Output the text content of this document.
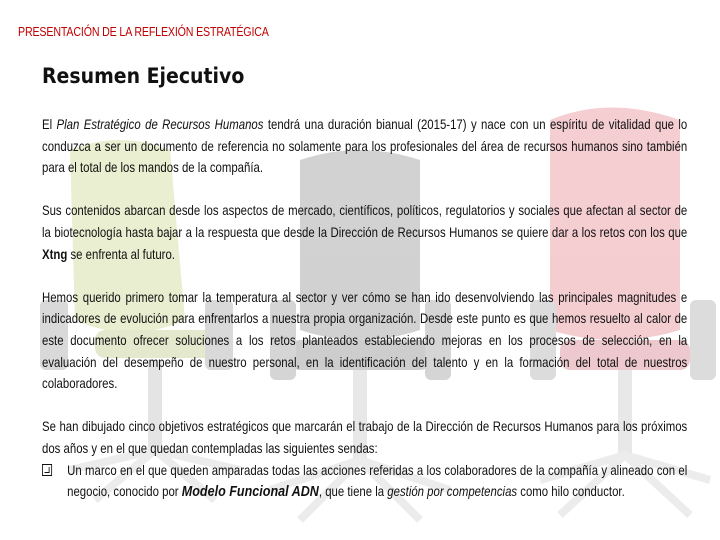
PRESENTACIÓN DE LA REFLEXIÓN ESTRATÉGICA
Resumen Ejecutivo

El Plan Estratégico de Recursos Humanos tendrá una duración bianual (2015-17) y nace con un espíritu de vitalidad que lo conduzca a ser un documento de referencia no solamente para los profesionales del área de recursos humanos sino también para el total de los mandos de la compañía.

Sus contenidos abarcan desde los aspectos de mercado, científicos, políticos, regulatorios y sociales que afectan al sector de la biotecnología hasta bajar a la respuesta que desde la Dirección de Recursos Humanos se quiere dar a los retos con los que Xtng se enfrenta al futuro.

Hemos querido primero tomar la temperatura al sector y ver cómo se han ido desenvolviendo las principales magnitudes e indicadores de evolución para enfrentarlos a nuestra propia organización. Desde este punto es que hemos resuelto al calor de este documento ofrecer soluciones a los retos planteados estableciendo mejoras en los procesos de selección, en la evaluación del desempeño de nuestro personal, en la identificación del talento y en la formación del total de nuestros colaboradores.

Se han dibujado cinco objetivos estratégicos que marcarán el trabajo de la Dirección de Recursos Humanos para los próximos dos años y en el que quedan contempladas las siguientes sendas:

Un marco en el que queden amparadas todas las acciones referidas a los colaboradores de la compañía y alineado con el negocio, conocido por Modelo Funcional ADN, que tiene la gestión por competencias como hilo conductor.
